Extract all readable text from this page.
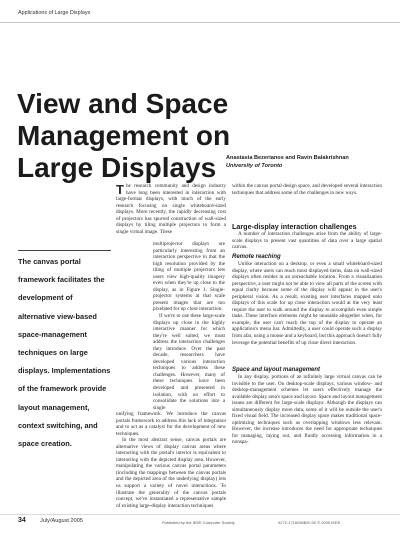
Applications of Large Displays
View and Space
Management on
Large Displays	Anastasia Bezerianos and Ravin Balakrishnan
University of Toronto
The canvas portal framework facilitates the development of alternative view-based space-management techniques on large displays. Implementations of the framework provide layout management, context switching, and space creation.

The research community and design industry have long been interested in interaction with large-format displays, with much of the early research focusing on single whiteboard-sized displays. More recently, the rapidly decreasing cost of projectors has spurred construction of wall-sized displays by tiling multiple projectors to form a single virtual image. These

multiprojector displays are particularly interesting from an interaction perspective in that the high resolution provided by the tiling of multiple projectors lets users view high-quality imagery even when they're up close to the display, as in Figure 1. Single-projector systems at that scale present images that are too pixelated for up close interaction.

If we're to use these large-scale displays up close in the highly interactive manner for which they're well suited, we must address the interaction challenges they introduce. Over the past decade, researchers have developed various interaction techniques to address these challenges. However, many of these techniques have been developed and presented in isolation, with no effort to consolidate the solutions into a single

unifying framework. We introduce the canvas portals framework to address this lack of integration and to act as a catalyst for the development of new techniques.

In the most abstract sense, canvas portals are alternative views of display canvas areas where interacting with the portal's interior is equivalent to interacting with the depicted display area. However, manipulating the various canvas portal parameters (including the mappings between the canvas portals and the depicted area of the underlying display) lets us support a variety of novel interactions. To illustrate the generality of the canvas portals concept, we've instantiated a representative sample of existing large-display interaction techniques

within the canvas portal design space, and developed several interaction techniques that address some of the challenges in new ways.

Large-display interaction challenges

A number of interaction challenges arise from the ability of large-scale displays to present vast quantities of data over a large spatial canvas.

Remote reaching

Unlike interaction on a desktop, or even a small whiteboard-sized display, where users can reach most displayed items, data on wall-sized displays often resides in an unreachable location. From a visualization perspective, a user might not be able to view all parts of the screen with equal clarity because some of the display will appear in the user's peripheral vision. As a result, existing user interfaces mapped onto displays of this scale for up close interaction would at the very least require the user to walk around the display to accomplish even simple tasks. These interface elements might be unusable altogether when, for example, the user can't reach the top of the display to operate an application's menu bar. Admittedly, a user could operate such a display from afar, using a mouse and a keyboard, but this approach doesn't fully leverage the potential benefits of up close direct interaction.

Space and layout management

In any display, portions of an infinitely large virtual canvas can be invisible to the user. On desktop-scale displays, various window- and desktop-management schemes let users effectively manage the available display area's space and layout. Space and layout management issues are different for large-scale displays: Although the displays can simultaneously display more data, some of it will be outside the user's fixed visual field. The increased display space makes traditional space-optimizing techniques such as overlapping windows less relevant. However, the increase introduces the need for appropriate techniques for managing, laying out, and fluidly accessing information in a nonspa-

34	July/August 2005	Published by the IEEE Computer Society	0272-1716/05/$20.00 © 2005 IEEE
